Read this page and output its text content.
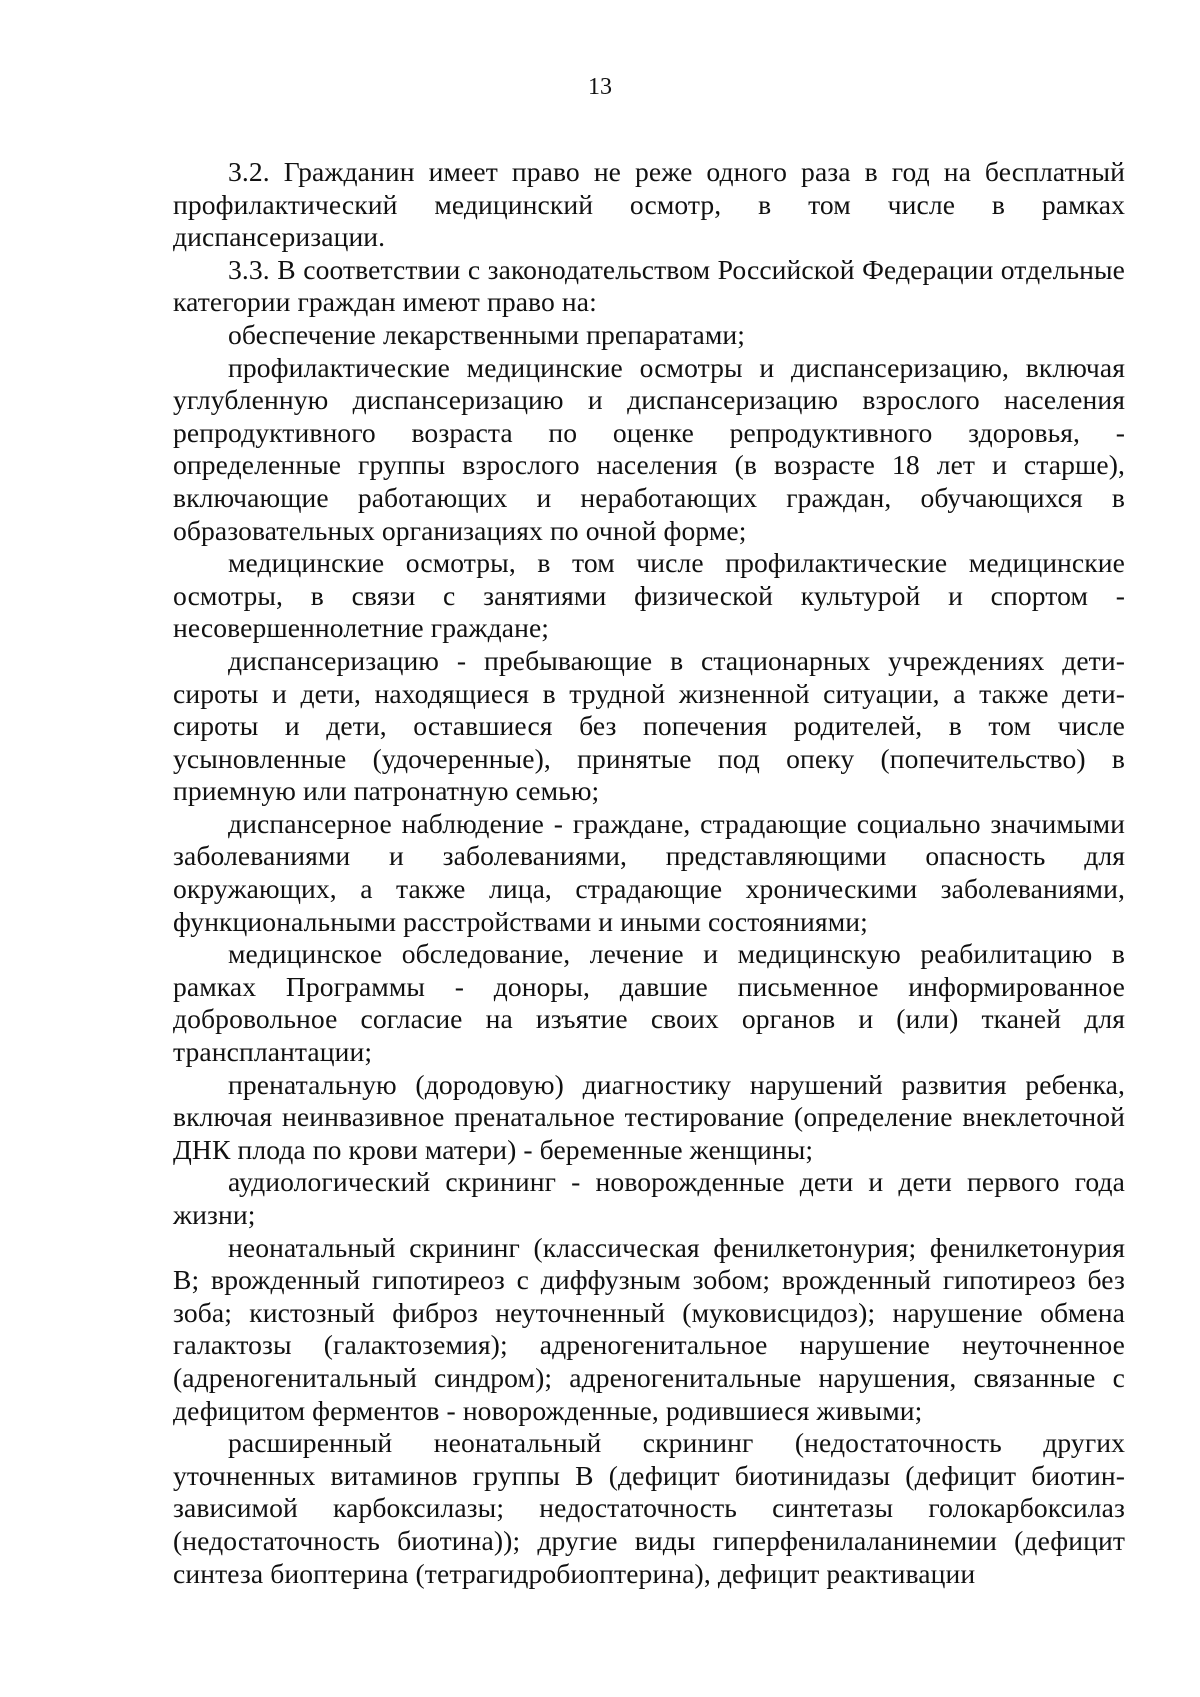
13

3.2. Гражданин имеет право не реже одного раза в год на бесплатный профилактический медицинский осмотр, в том числе в рамках диспансеризации.

3.3. В соответствии с законодательством Российской Федерации отдельные категории граждан имеют право на:

обеспечение лекарственными препаратами;

профилактические медицинские осмотры и диспансеризацию, включая углубленную диспансеризацию и диспансеризацию взрослого населения репродуктивного возраста по оценке репродуктивного здоровья, - определенные группы взрослого населения (в возрасте 18 лет и старше), включающие работающих и неработающих граждан, обучающихся в образовательных организациях по очной форме;

медицинские осмотры, в том числе профилактические медицинские осмотры, в связи с занятиями физической культурой и спортом - несовершеннолетние граждане;

диспансеризацию - пребывающие в стационарных учреждениях дети-сироты и дети, находящиеся в трудной жизненной ситуации, а также дети-сироты и дети, оставшиеся без попечения родителей, в том числе усыновленные (удочеренные), принятые под опеку (попечительство) в приемную или патронатную семью;

диспансерное наблюдение - граждане, страдающие социально значимыми заболеваниями и заболеваниями, представляющими опасность для окружающих, а также лица, страдающие хроническими заболеваниями, функциональными расстройствами и иными состояниями;

медицинское обследование, лечение и медицинскую реабилитацию в рамках Программы - доноры, давшие письменное информированное добровольное согласие на изъятие своих органов и (или) тканей для трансплантации;

пренатальную (дородовую) диагностику нарушений развития ребенка, включая неинвазивное пренатальное тестирование (определение внеклеточной ДНК плода по крови матери) - беременные женщины;

аудиологический скрининг - новорожденные дети и дети первого года жизни;

неонатальный скрининг (классическая фенилкетонурия; фенилкетонурия B; врожденный гипотиреоз с диффузным зобом; врожденный гипотиреоз без зоба; кистозный фиброз неуточненный (муковисцидоз); нарушение обмена галактозы (галактоземия); адреногенитальное нарушение неуточненное (адреногенитальный синдром); адреногенитальные нарушения, связанные с дефицитом ферментов - новорожденные, родившиеся живыми;

расширенный неонатальный скрининг (недостаточность других уточненных витаминов группы B (дефицит биотинидазы (дефицит биотин-зависимой карбоксилазы; недостаточность синтетазы голокарбоксилаз (недостаточность биотина)); другие виды гиперфенилаланинемии (дефицит синтеза биоптерина (тетрагидробиоптерина), дефицит реактивации
